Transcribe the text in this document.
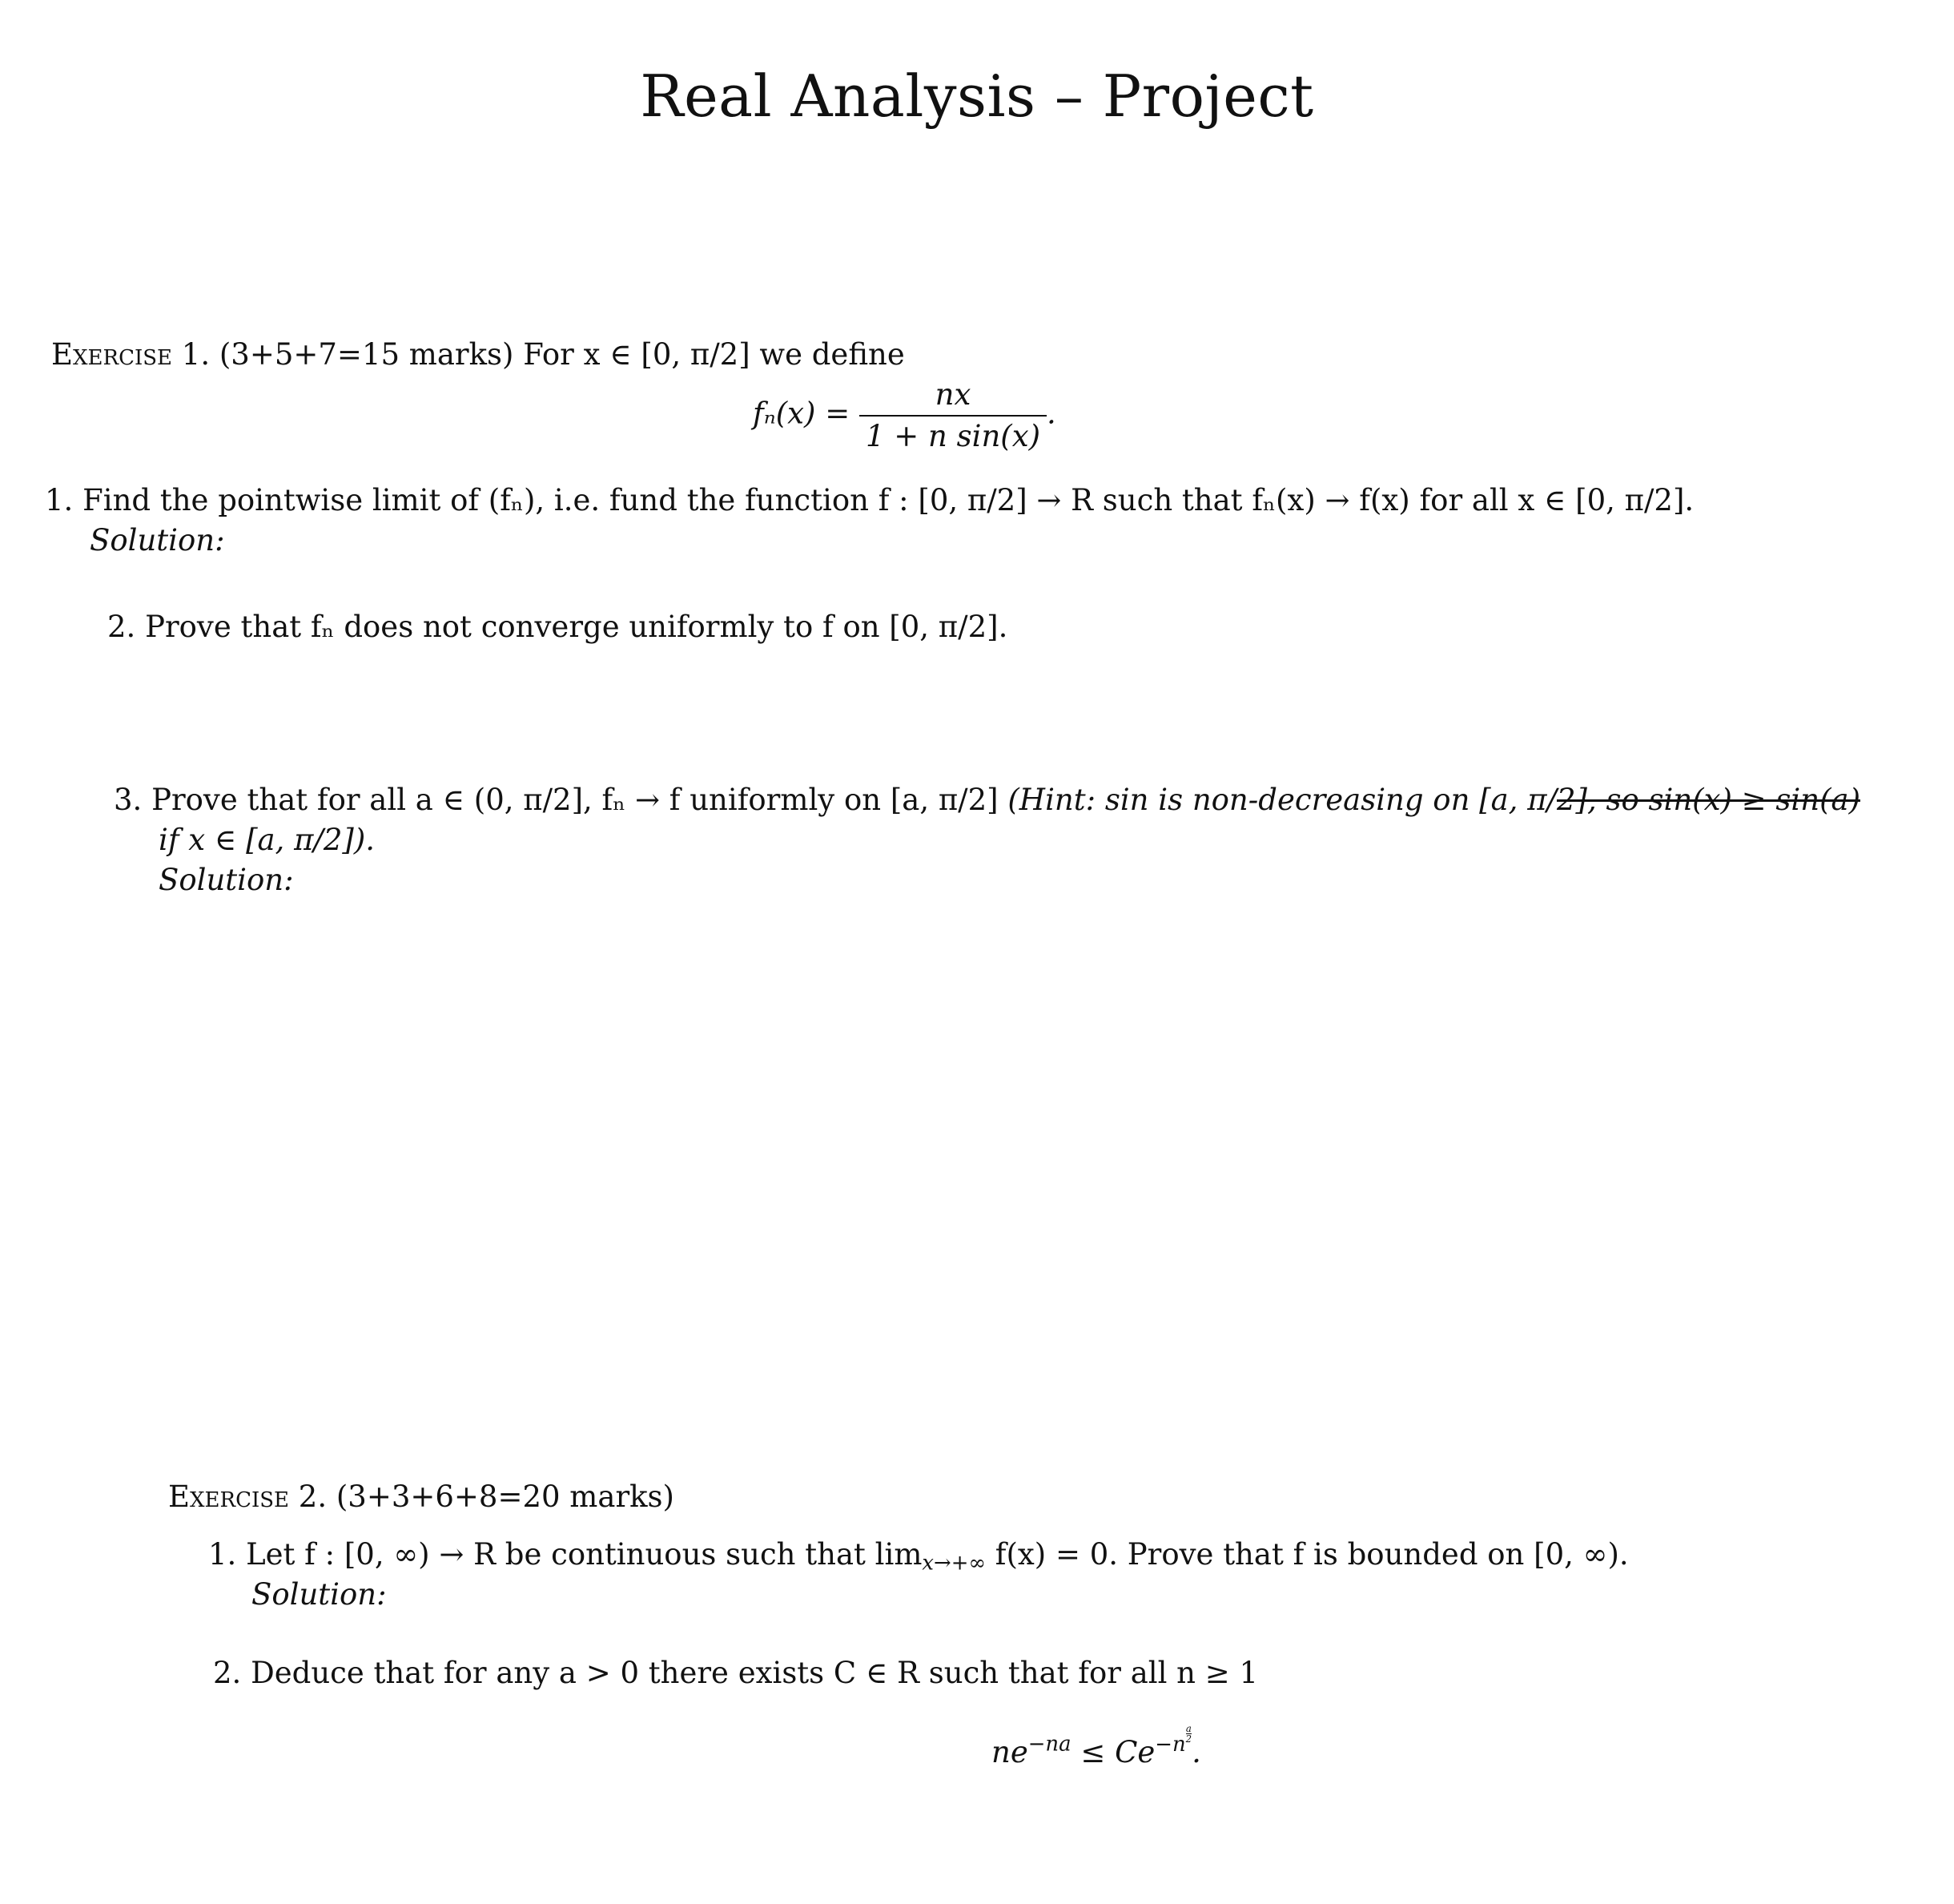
Real Analysis – Project
Exercise 1. (3+5+7=15 marks) For x ∈ [0, π/2] we define
$f_n(x) = \frac{nx}{\text{1 + n sin(x)}}$ .
1. Find the pointwise limit of (fₙ), i.e. fund the function f : [0, π/2] → R such that fₙ(x) → f(x) for all x ∈ [0, π/2].
Solution:
2. Prove that fₙ does not converge uniformly to f on [0, π/2].
3. Prove that for all a ∈ (0, π/2], fₙ → f uniformly on [a, π/2] (Hint: sin is non-decreasing on [a, π/2], so sin(x) ≥ sin(a)
if x ∈ [a, π/2]).
Solution:
Exercise 2. (3+3+6+8=20 marks)
1. Let f : [0, ∞) → R be continuous such that $\lim_{x\to+\infty} f(x) = 0$. Prove that f is bounded on [0, ∞).
Solution:
2. Deduce that for any a > 0 there exists C ∈ R such that for all n ≥ 1
$ne^{-na} \le Ce^{-n \frac{a}{2}}$
.
